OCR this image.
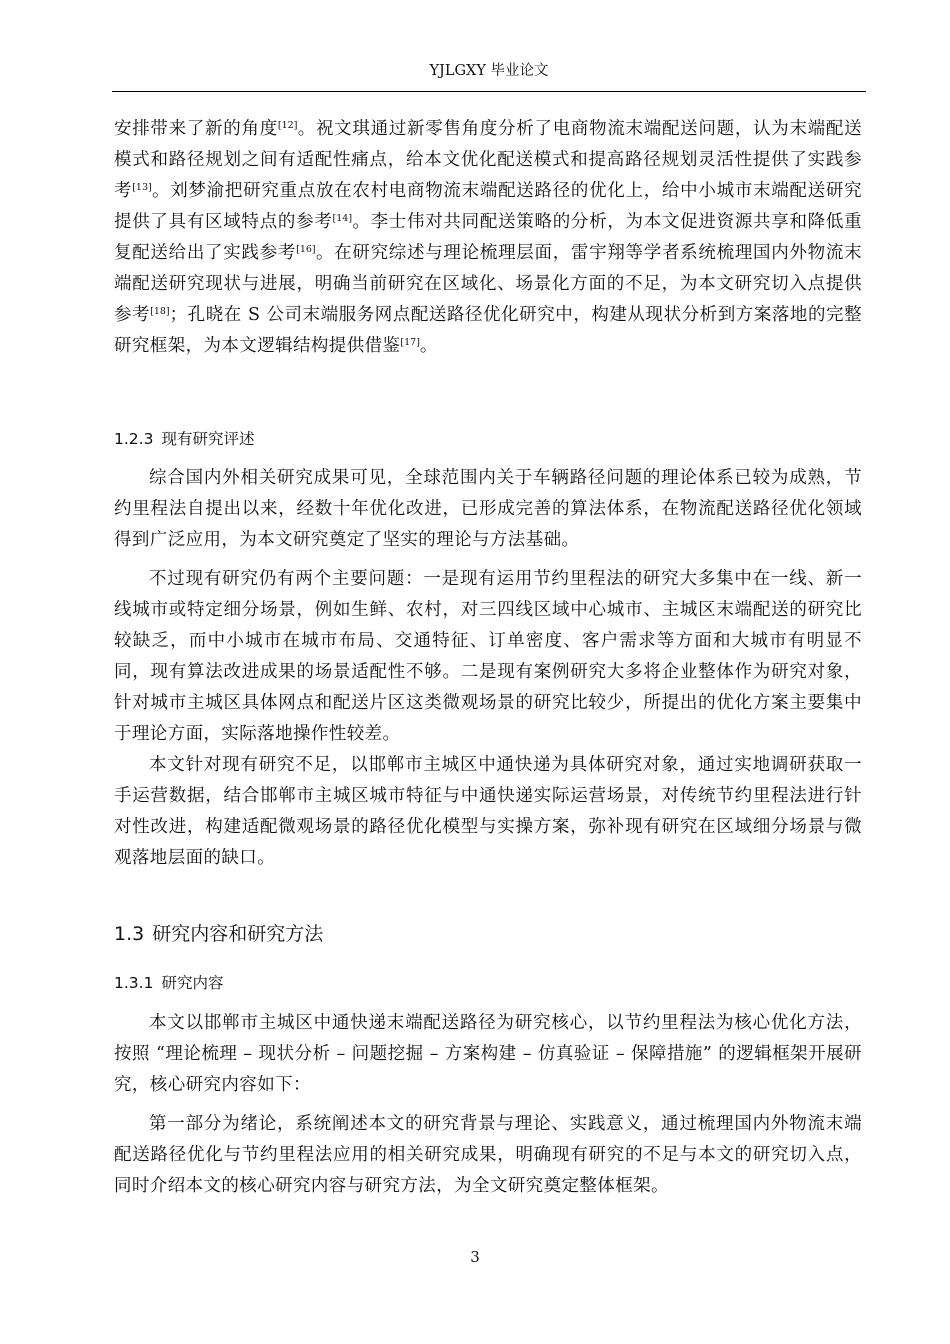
YJLGXY 毕业论文

安排带来了新的角度[12]。祝文琪通过新零售角度分析了电商物流末端配送问题，认为末端配送模式和路径规划之间有适配性痛点，给本文优化配送模式和提高路径规划灵活性提供了实践参考[13]。刘梦渝把研究重点放在农村电商物流末端配送路径的优化上，给中小城市末端配送研究提供了具有区域特点的参考[14]。李士伟对共同配送策略的分析，为本文促进资源共享和降低重复配送给出了实践参考[16]。在研究综述与理论梳理层面，雷宇翔等学者系统梳理国内外物流末端配送研究现状与进展，明确当前研究在区域化、场景化方面的不足，为本文研究切入点提供参考[18]；孔晓在 S 公司末端服务网点配送路径优化研究中，构建从现状分析到方案落地的完整研究框架，为本文逻辑结构提供借鉴[17]。

1.2.3 现有研究评述

综合国内外相关研究成果可见，全球范围内关于车辆路径问题的理论体系已较为成熟，节约里程法自提出以来，经数十年优化改进，已形成完善的算法体系，在物流配送路径优化领域得到广泛应用，为本文研究奠定了坚实的理论与方法基础。

不过现有研究仍有两个主要问题：一是现有运用节约里程法的研究大多集中在一线、新一线城市或特定细分场景，例如生鲜、农村，对三四线区域中心城市、主城区末端配送的研究比较缺乏，而中小城市在城市布局、交通特征、订单密度、客户需求等方面和大城市有明显不同，现有算法改进成果的场景适配性不够。二是现有案例研究大多将企业整体作为研究对象，针对城市主城区具体网点和配送片区这类微观场景的研究比较少，所提出的优化方案主要集中于理论方面，实际落地操作性较差。

本文针对现有研究不足，以邯郸市主城区中通快递为具体研究对象，通过实地调研获取一手运营数据，结合邯郸市主城区城市特征与中通快递实际运营场景，对传统节约里程法进行针对性改进，构建适配微观场景的路径优化模型与实操方案，弥补现有研究在区域细分场景与微观落地层面的缺口。

1.3 研究内容和研究方法
1.3.1 研究内容

本文以邯郸市主城区中通快递末端配送路径为研究核心，以节约里程法为核心优化方法，按照 “理论梳理 – 现状分析 – 问题挖掘 – 方案构建 – 仿真验证 – 保障措施” 的逻辑框架开展研究，核心研究内容如下：

第一部分为绪论，系统阐述本文的研究背景与理论、实践意义，通过梳理国内外物流末端配送路径优化与节约里程法应用的相关研究成果，明确现有研究的不足与本文的研究切入点，同时介绍本文的核心研究内容与研究方法，为全文研究奠定整体框架。

3
